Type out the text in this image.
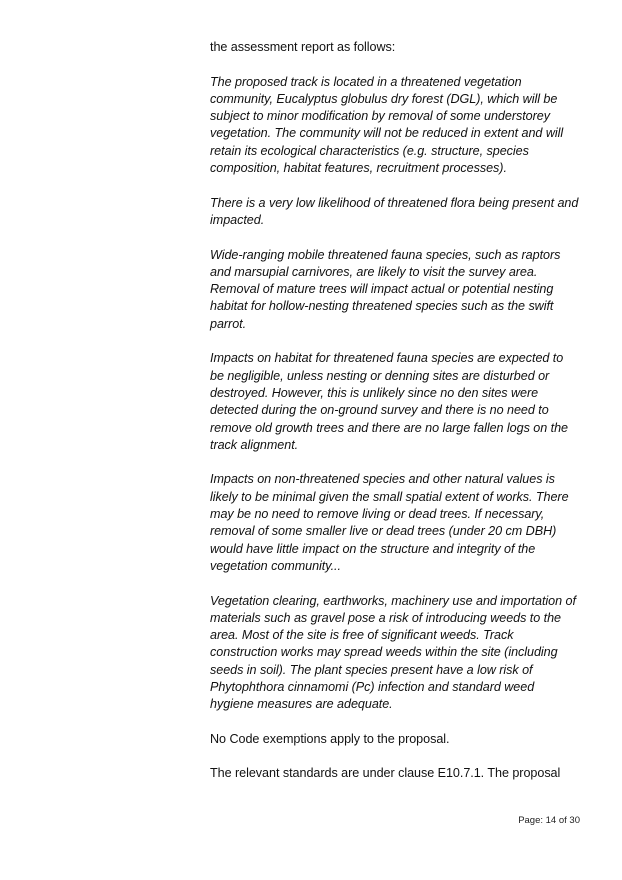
the assessment report as follows:

The proposed track is located in a threatened vegetation
community, Eucalyptus globulus dry forest (DGL), which will be
subject to minor modification by removal of some understorey
vegetation. The community will not be reduced in extent and will
retain its ecological characteristics (e.g. structure, species
composition, habitat features, recruitment processes).

There is a very low likelihood of threatened flora being present and
impacted.

Wide-ranging mobile threatened fauna species, such as raptors
and marsupial carnivores, are likely to visit the survey area.
Removal of mature trees will impact actual or potential nesting
habitat for hollow-nesting threatened species such as the swift
parrot.

Impacts on habitat for threatened fauna species are expected to
be negligible, unless nesting or denning sites are disturbed or
destroyed. However, this is unlikely since no den sites were
detected during the on-ground survey and there is no need to
remove old growth trees and there are no large fallen logs on the
track alignment.

Impacts on non-threatened species and other natural values is
likely to be minimal given the small spatial extent of works. There
may be no need to remove living or dead trees. If necessary,
removal of some smaller live or dead trees (under 20 cm DBH)
would have little impact on the structure and integrity of the
vegetation community...

Vegetation clearing, earthworks, machinery use and importation of
materials such as gravel pose a risk of introducing weeds to the
area. Most of the site is free of significant weeds. Track
construction works may spread weeds within the site (including
seeds in soil). The plant species present have a low risk of
Phytophthora cinnamomi (Pc) infection and standard weed
hygiene measures are adequate.

No Code exemptions apply to the proposal.

The relevant standards are under clause E10.7.1. The proposal

Page: 14 of 30
